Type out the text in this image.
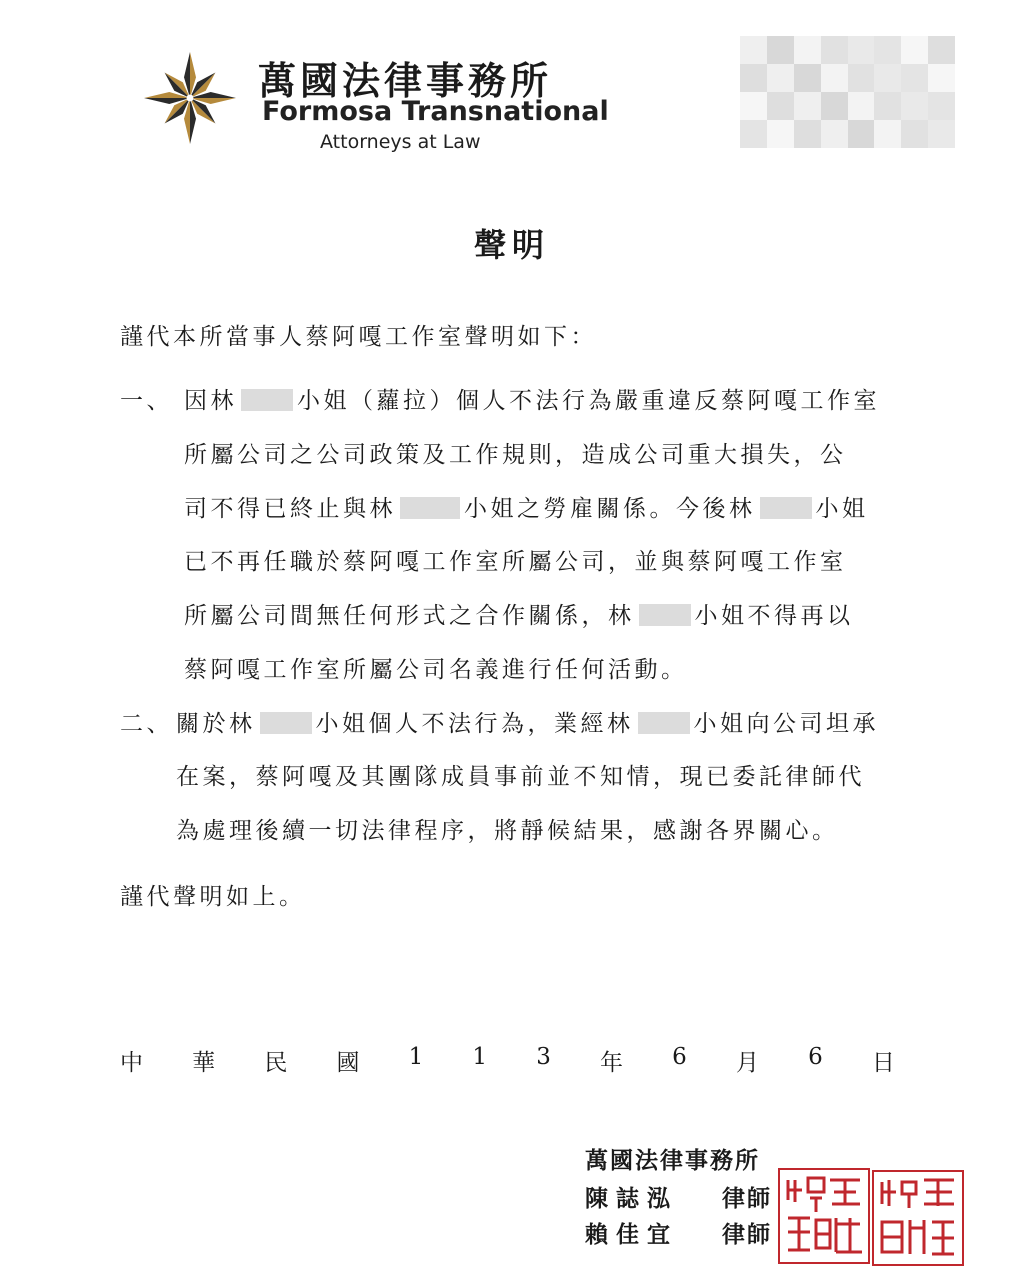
萬國法律事務所
Formosa Transnational
Attorneys at Law
聲明
謹代本所當事人蔡阿嘎工作室聲明如下：
一、 因林	小姐（蘿拉）個人不法行為嚴重違反蔡阿嘎工作室
所屬公司之公司政策及工作規則，造成公司重大損失，公
司不得已終止與林	小姐之勞雇關係。今後林	小姐
已不再任職於蔡阿嘎工作室所屬公司，並與蔡阿嘎工作室
所屬公司間無任何形式之合作關係，林	小姐不得再以
蔡阿嘎工作室所屬公司名義進行任何活動。
二、 關於林	小姐個人不法行為，業經林	小姐向公司坦承
在案，蔡阿嘎及其團隊成員事前並不知情，現已委託律師代
為處理後續一切法律程序，將靜候結果，感謝各界關心。
謹代聲明如上。
中 華 民 國 1 1 3 年 6 月 6 日
萬國法律事務所
陳誌泓 律師
賴佳宜 律師
